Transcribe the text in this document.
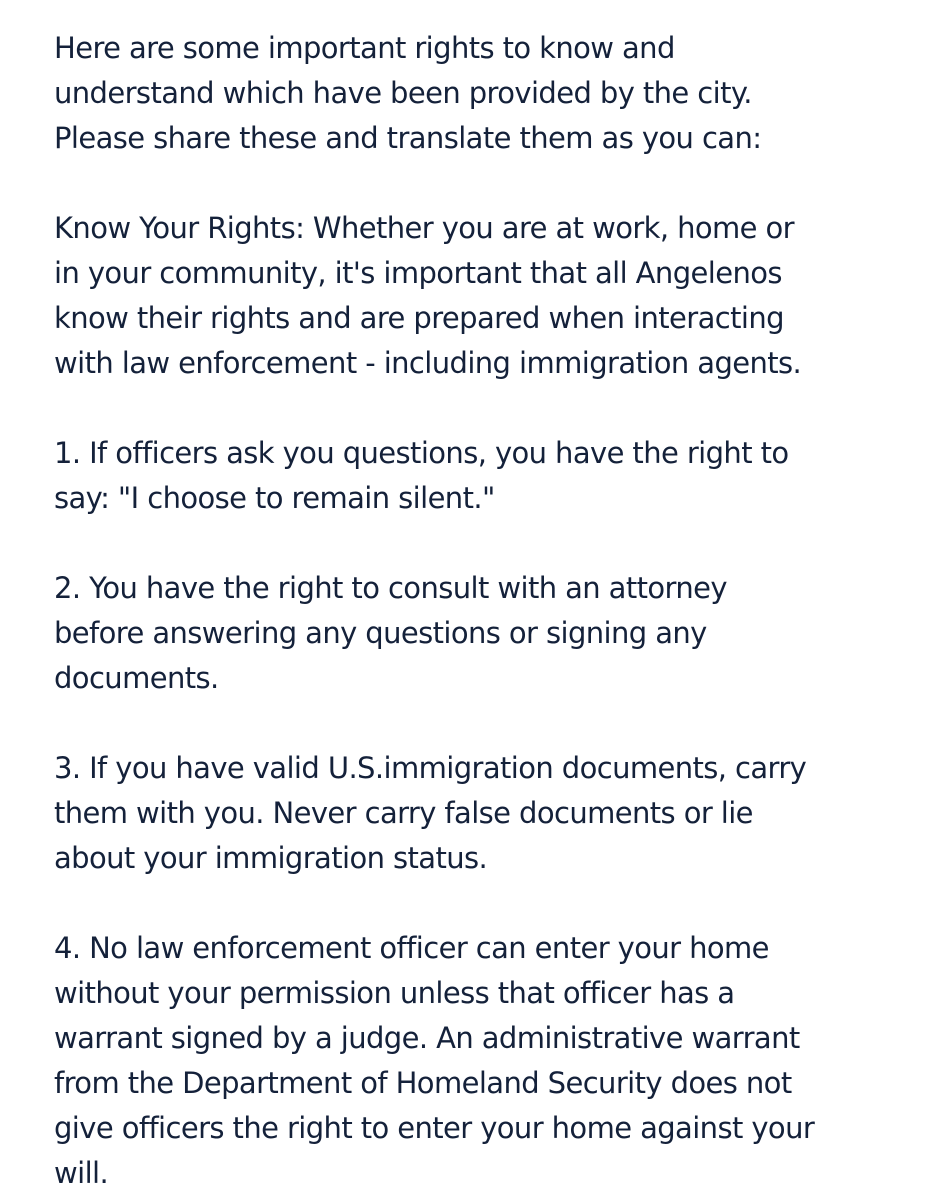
Here are some important rights to know and
understand which have been provided by the city.
Please share these and translate them as you can:

Know Your Rights: Whether you are at work, home or
in your community, it's important that all Angelenos
know their rights and are prepared when interacting
with law enforcement - including immigration agents.

1. If officers ask you questions, you have the right to
say: "I choose to remain silent."

2. You have the right to consult with an attorney
before answering any questions or signing any
documents.

3. If you have valid U.S.immigration documents, carry
them with you. Never carry false documents or lie
about your immigration status.

4. No law enforcement officer can enter your home
without your permission unless that officer has a
warrant signed by a judge. An administrative warrant
from the Department of Homeland Security does not
give officers the right to enter your home against your
will.
